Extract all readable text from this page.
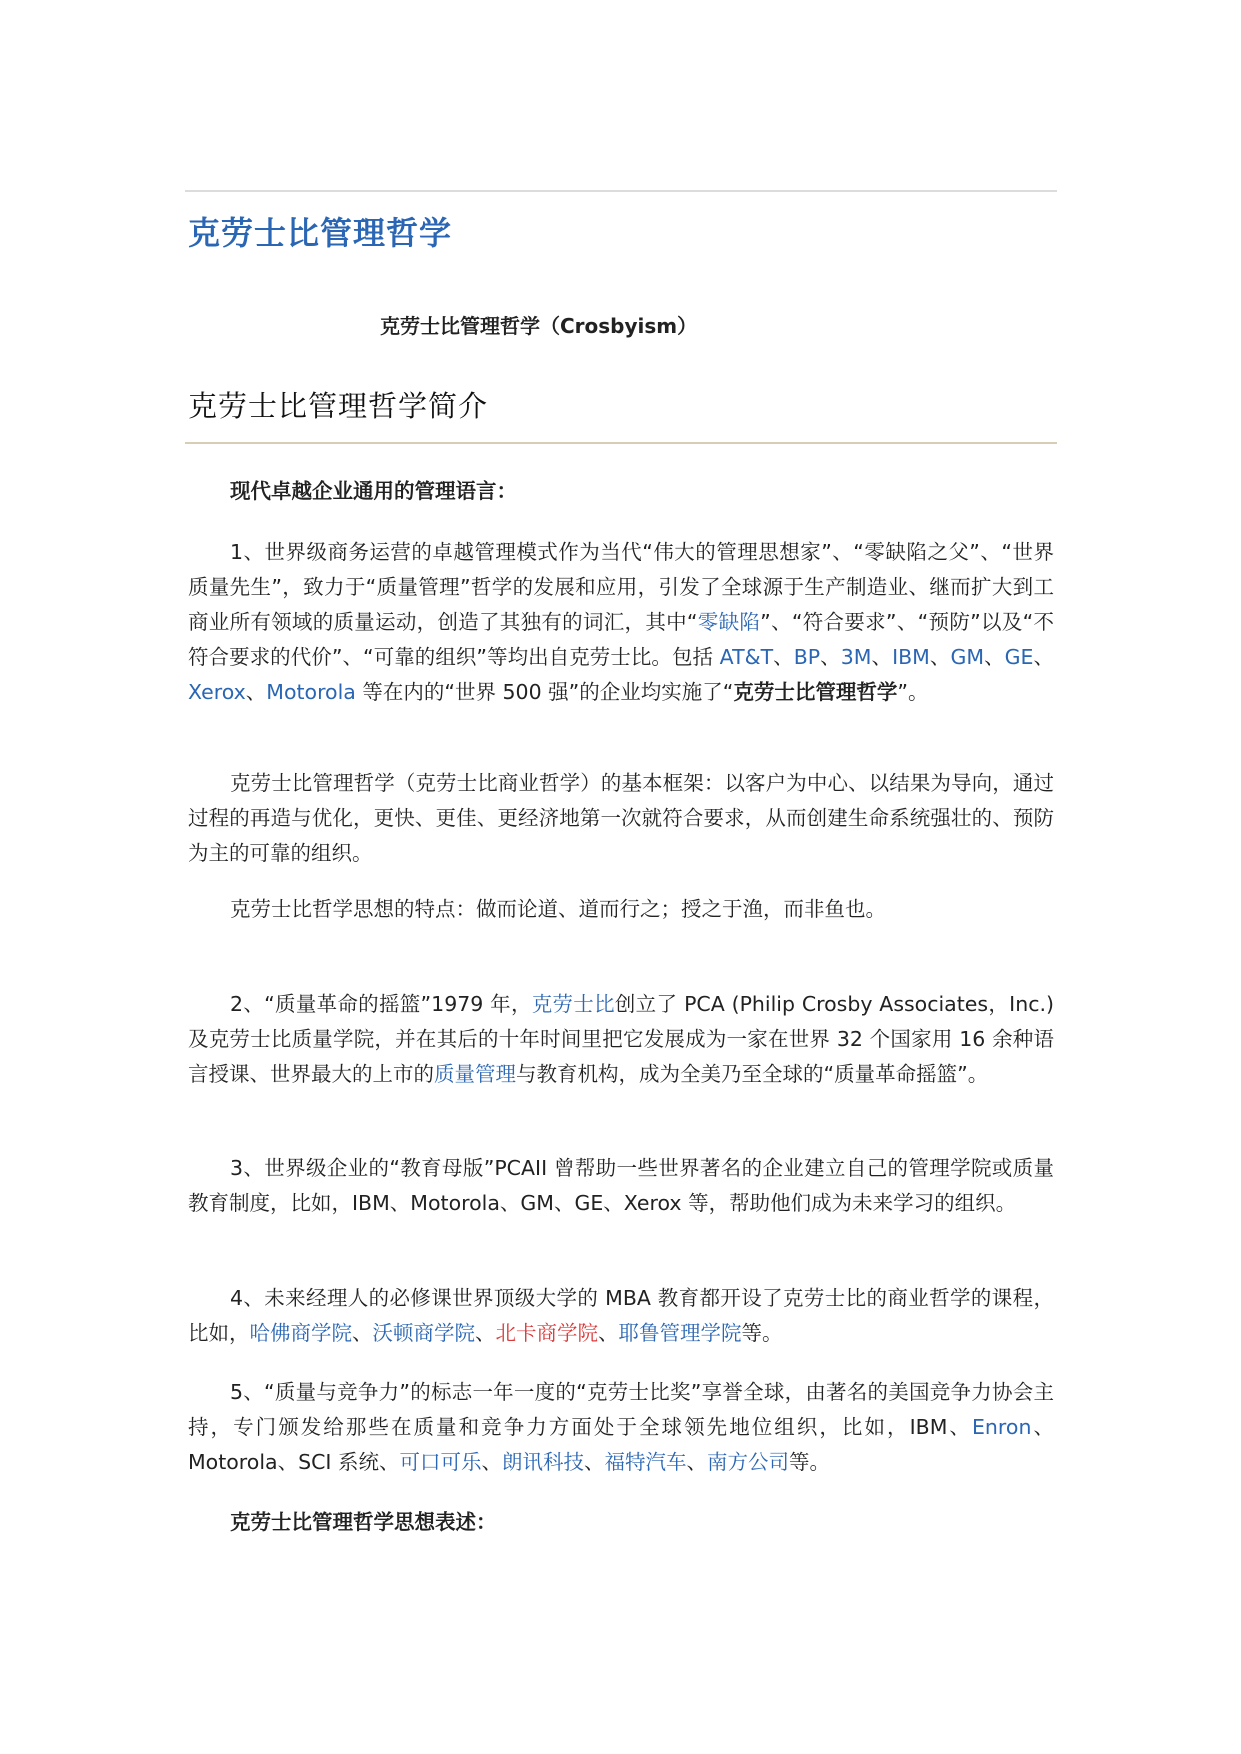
克劳士比管理哲学
克劳士比管理哲学（Crosbyism）
克劳士比管理哲学简介
现代卓越企业通用的管理语言：
1、世界级商务运营的卓越管理模式作为当代“伟大的管理思想家”、“零缺陷之父”、“世界质量先生”，致力于“质量管理”哲学的发展和应用，引发了全球源于生产制造业、继而扩大到工商业所有领域的质量运动，创造了其独有的词汇，其中“零缺陷”、“符合要求”、“预防”以及“不符合要求的代价”、“可靠的组织”等均出自克劳士比。包括 AT&T、BP、3M、IBM、GM、GE、Xerox、Motorola 等在内的“世界 500 强”的企业均实施了“克劳士比管理哲学”。
克劳士比管理哲学（克劳士比商业哲学）的基本框架：以客户为中心、以结果为导向，通过过程的再造与优化，更快、更佳、更经济地第一次就符合要求，从而创建生命系统强壮的、预防为主的可靠的组织。
克劳士比哲学思想的特点：做而论道、道而行之；授之于渔，而非鱼也。
2、“质量革命的摇篮”1979 年，克劳士比创立了 PCA (Philip Crosby Associates，Inc.)及克劳士比质量学院，并在其后的十年时间里把它发展成为一家在世界 32 个国家用 16 余种语言授课、世界最大的上市的质量管理与教育机构，成为全美乃至全球的“质量革命摇篮”。
3、世界级企业的“教育母版”PCAII 曾帮助一些世界著名的企业建立自己的管理学院或质量教育制度，比如，IBM、Motorola、GM、GE、Xerox 等，帮助他们成为未来学习的组织。
4、未来经理人的必修课世界顶级大学的 MBA 教育都开设了克劳士比的商业哲学的课程，比如，哈佛商学院、沃顿商学院、北卡商学院、耶鲁管理学院等。
5、“质量与竞争力”的标志一年一度的“克劳士比奖”享誉全球，由著名的美国竞争力协会主持，专门颁发给那些在质量和竞争力方面处于全球领先地位组织，比如，IBM、Enron、Motorola、SCI 系统、可口可乐、朗讯科技、福特汽车、南方公司等。
克劳士比管理哲学思想表述：
